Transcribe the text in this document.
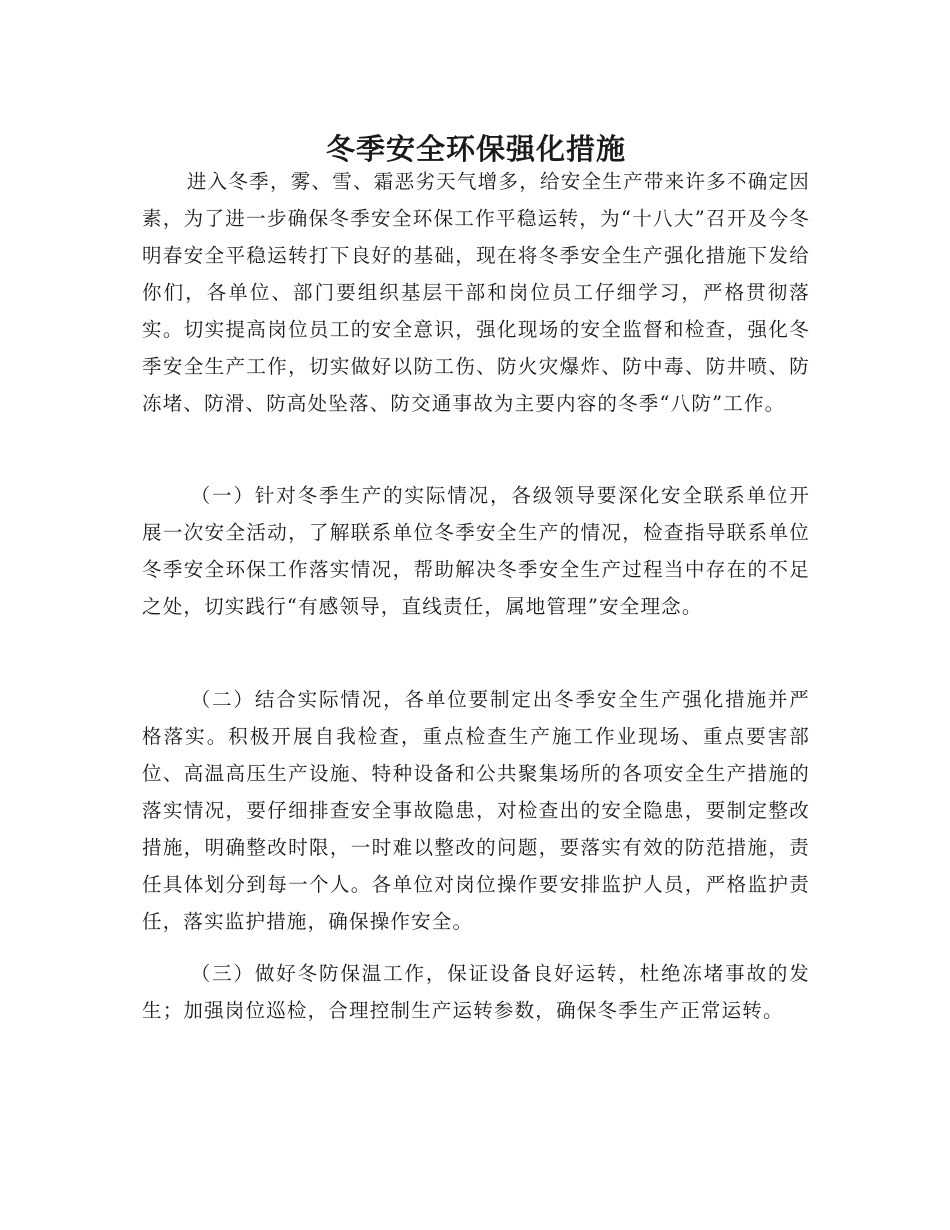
冬季安全环保强化措施

进入冬季，雾、雪、霜恶劣天气增多，给安全生产带来许多不确定因素，为了进一步确保冬季安全环保工作平稳运转，为“十八大”召开及今冬明春安全平稳运转打下良好的基础，现在将冬季安全生产强化措施下发给你们，各单位、部门要组织基层干部和岗位员工仔细学习，严格贯彻落实。切实提高岗位员工的安全意识，强化现场的安全监督和检查，强化冬季安全生产工作，切实做好以防工伤、防火灾爆炸、防中毒、防井喷、防冻堵、防滑、防高处坠落、防交通事故为主要内容的冬季“八防”工作。

（一）针对冬季生产的实际情况，各级领导要深化安全联系单位开展一次安全活动，了解联系单位冬季安全生产的情况，检查指导联系单位冬季安全环保工作落实情况，帮助解决冬季安全生产过程当中存在的不足之处，切实践行“有感领导，直线责任，属地管理”安全理念。

（二）结合实际情况，各单位要制定出冬季安全生产强化措施并严格落实。积极开展自我检查，重点检查生产施工作业现场、重点要害部位、高温高压生产设施、特种设备和公共聚集场所的各项安全生产措施的落实情况，要仔细排查安全事故隐患，对检查出的安全隐患，要制定整改措施，明确整改时限，一时难以整改的问题，要落实有效的防范措施，责任具体划分到每一个人。各单位对岗位操作要安排监护人员，严格监护责任，落实监护措施，确保操作安全。

（三）做好冬防保温工作，保证设备良好运转，杜绝冻堵事故的发生；加强岗位巡检，合理控制生产运转参数，确保冬季生产正常运转。
